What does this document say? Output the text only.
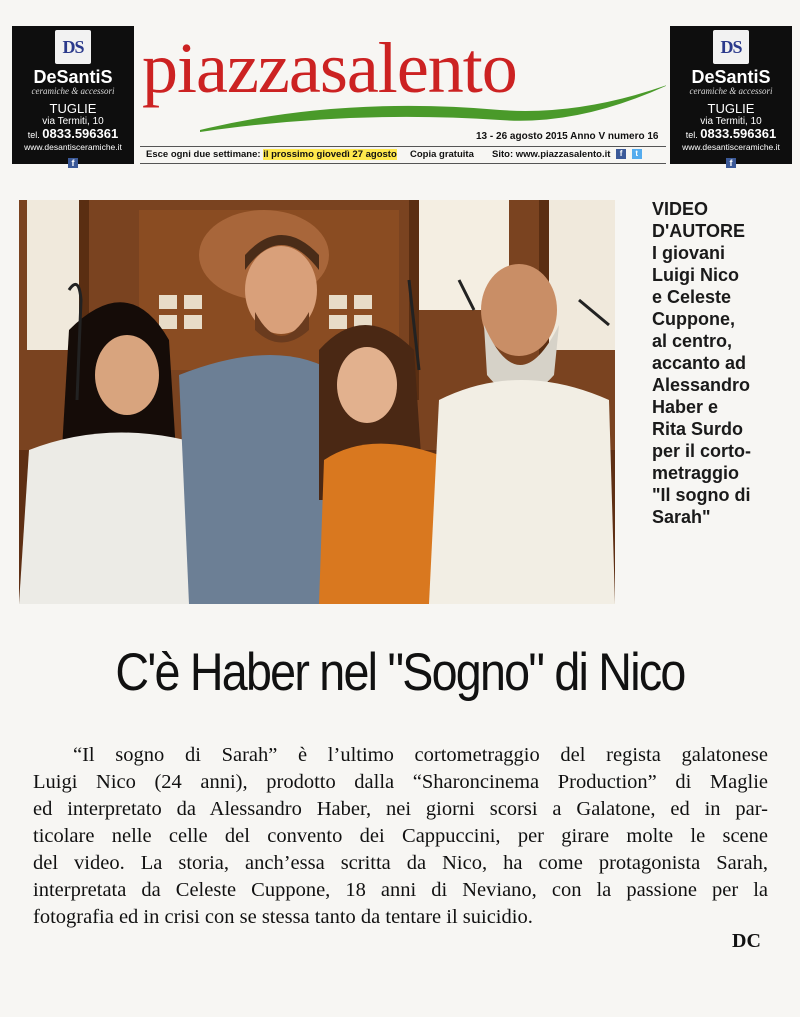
DS
DeSantiS
ceramiche & accessori
TUGLIE
via Termiti, 10
tel. 0833.596361
www.desantisceramiche.it
f
piazzasalento
13 - 26 agosto 2015 Anno V numero 16
Esce ogni due settimane: il prossimo giovedì 27 agosto Copia gratuita Sito: www.piazzasalento.it f t
DS
DeSantiS
ceramiche & accessori
TUGLIE
via Termiti, 10
tel. 0833.596361
www.desantisceramiche.it
f
VIDEO
D'AUTORE
I giovani
Luigi Nico
e Celeste
Cuppone,
al centro,
accanto ad
Alessandro
Haber e
Rita Surdo
per il corto-
metraggio
"Il sogno di
Sarah"
C'è Haber nel "Sogno" di Nico
“Il sogno di Sarah” è l’ultimo cortometraggio del regista galatonese
Luigi Nico (24 anni), prodotto dalla “Sharoncinema Production” di Maglie
ed interpretato da Alessandro Haber, nei giorni scorsi a Galatone, ed in par-
ticolare nelle celle del convento dei Cappuccini, per girare molte le scene
del video. La storia, anch’essa scritta da Nico, ha come protagonista Sarah,
interpretata da Celeste Cuppone, 18 anni di Neviano, con la passione per la
fotografia ed in crisi con se stessa tanto da tentare il suicidio.
DC
